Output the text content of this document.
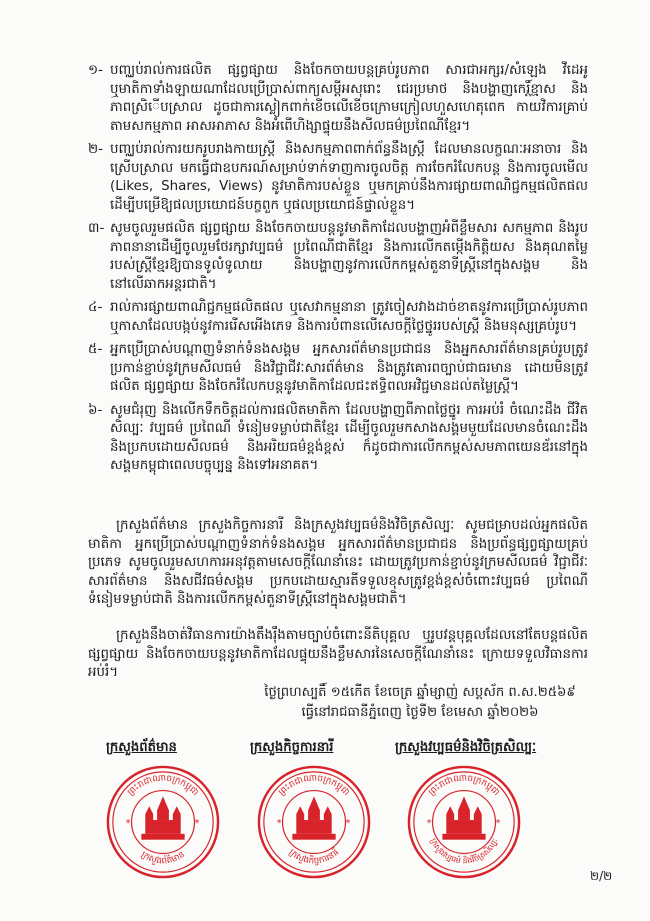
១- បញ្ឈប់រាល់ការផលិត ផ្សព្វផ្សាយ និងចែកចាយបន្តគ្រប់រូបភាព សារជាអក្សរ/សំឡេង វីដេអូ ឬមាតិកាទាំងឡាយណាដែលប្រើប្រាស់ពាក្យសម្ដីអសុរោះ ជេរប្រមាថ និងបង្ហាញកេរ្តិ៍ខ្មាស និងភាពសិ្រើបស្រាល ដូចជាការស្លៀកពាក់ខើចលើខើចក្រោមក្រៀលហួសហេតុពេក កាយវិការគ្រាប់តាមសកម្មភាព អាសអាភាស និងអំពើហិង្សាផ្ទុយនឹងសីលធម៌ប្រពៃណីខ្មែរ។
២- បញ្ឈប់រាល់ការយករូបរាងកាយស្ត្រី និងសកម្មភាពពាក់ព័ន្ធនឹងស្ត្រី ដែលមានលក្ខណៈអនាចារ និងស្រើបស្រាល មកធ្វើជាឧបករណ៍សម្រាប់ទាក់ទាញការចូលចិត្ត ការចែករំលែកបន្ត និងការចូលមើល (Likes, Shares, Views) នូវមាតិការបស់ខ្លួន ឬមកគ្រាប់នឹងការផ្សាយពាណិជ្ជកម្មផលិតផល ដើម្បីបម្រើឱ្យផលប្រយោជន៍បក្ខពួក ឬផលប្រយោជន៍ផ្ទាល់ខ្លួន។
៣- សូមចូលរួមផលិត ផ្សព្វផ្សាយ និងចែកចាយបន្តនូវមាតិកាដែលបង្ហាញអំពីខ្លឹមសារ សកម្មភាព និងរូបភាពនានាដើម្បីចូលរួមថែរក្សាវប្បធម៌ ប្រពៃណីជាតិខ្មែរ និងការលើកតម្កើងកិត្តិយស និងគុណតម្លៃរបស់ស្ត្រីខ្មែរឱ្យបានទូលំទូលាយ និងបង្ហាញនូវការលើកកម្ពស់តួនាទីស្ត្រីនៅក្នុងសង្គម និងនៅលើឆាកអន្តរជាតិ។
៤- រាល់ការផ្សាយពាណិជ្ជកម្មផលិតផល ឬសេវាកម្មនានា ត្រូវចៀសវាងដាច់ខាតនូវការប្រើប្រាស់រូបភាព ឬកាសាដែលបង្កប់នូវការរើសអើងភេទ និងការបំពានលើសេចក្ដីថ្លៃថ្នូររបស់ស្ត្រី និងមនុស្សគ្រប់រូប។
៥- អ្នកប្រើប្រាស់បណ្ដាញទំនាក់ទំនងសង្គម អ្នកសារព័ត៌មានប្រជាជន និងអ្នកសារព័ត៌មានគ្រប់រូបត្រូវប្រកាន់ខ្ជាប់នូវក្រមសីលធម៌ និងវិជ្ជាជីវៈសារព័ត៌មាន និងត្រូវគោរពច្បាប់ជាធរមាន ដោយមិនត្រូវផលិត ផ្សព្វផ្សាយ និងចែករំលែកបន្តនូវមាតិកាដែលជះឥទ្ធិពលអវិជ្ជមានដល់តម្លៃស្ត្រី។
៦- សូមជំរុញ និងលើកទឹកចិត្តដល់ការផលិតមាតិកា ដែលបង្ហាញពីភាពថ្លៃថ្នូរ ការអប់រំ ចំណេះដឹង ជីវិត សិល្បៈ វប្បធម៌ ប្រពៃណី ទំនៀមទម្លាប់ជាតិខ្មែរ ដើម្បីចូលរួមកសាងសង្គមមួយដែលមានចំណេះដឹង និងប្រកបដោយសីលធម៌ និងអរិយធម៌ខ្ពង់ខ្ពស់ ក៏ដូចជាការលើកកម្ពស់សមភាពយេនឌ័រនៅក្នុងសង្គមកម្ពុជាពេលបច្ចុប្បន្ន និងទៅអនាគត។

ក្រសួងព័ត៌មាន ក្រសួងកិច្ចការនារី និងក្រសួងវប្បធម៌និងវិចិត្រសិល្បៈ សូមជម្រាបដល់អ្នកផលិតមាតិកា អ្នកប្រើប្រាស់បណ្ដាញទំនាក់ទំនងសង្គម អ្នកសារព័ត៌មានប្រជាជន និងប្រព័ន្ធផ្សព្វផ្សាយគ្រប់ប្រភេទ សូមចូលរួមសហការអនុវត្តតាមសេចក្ដីណែនាំនេះ ដោយត្រូវប្រកាន់ខ្ជាប់នូវក្រមសីលធម៌ វិជ្ជាជីវៈសារព័ត៌មាន និងសជីវធម៌សង្គម ប្រកបដោយស្មារតីទទួលខុសត្រូវខ្ពង់ខ្ពស់ចំពោះវប្បធម៌ ប្រពៃណី ទំនៀមទម្លាប់ជាតិ និងការលើកកម្ពស់តួនាទីស្ត្រីនៅក្នុងសង្គមជាតិ។

ក្រសួងនឹងចាត់វិធានការយ៉ាងតឹងរ៉ឹងតាមច្បាប់ចំពោះនីតិបុគ្គល ឬរូបវន្តបុគ្គលដែលនៅតែបន្តផលិត ផ្សព្វផ្សាយ និងចែកចាយបន្តនូវមាតិកាដែលផ្ទុយនឹងខ្លឹមសារនៃសេចក្ដីណែនាំនេះ ក្រោយទទួលវិធានការអប់រំ។

ថ្ងៃព្រហស្បតិ៍ ១៥កើត ខែចេត្រ ឆ្នាំម្សាញ់ សប្តស័ក ព.ស.២៥៦៩
ធ្វើនៅរាជធានីភ្នំពេញ ថ្ងៃទី២ ខែមេសា ឆ្នាំ២០២៦
ក្រសួងព័ត៌មាន	ក្រសួងកិច្ចការនារី	ក្រសួងវប្បធម៌និងវិចិត្រសិល្បៈ
ព្រះរាជាណាចក្រកម្ពុជា
ក្រសួងព័ត៌មាន
*	*
ព្រះរាជាណាចក្រកម្ពុជា
ក្រសួងកិច្ចការនារី
*	*
ព្រះរាជាណាចក្រកម្ពុជា
ក្រសួងវប្បធម៌ និងវិចិត្រសិល្បៈ
*	*
២/២
